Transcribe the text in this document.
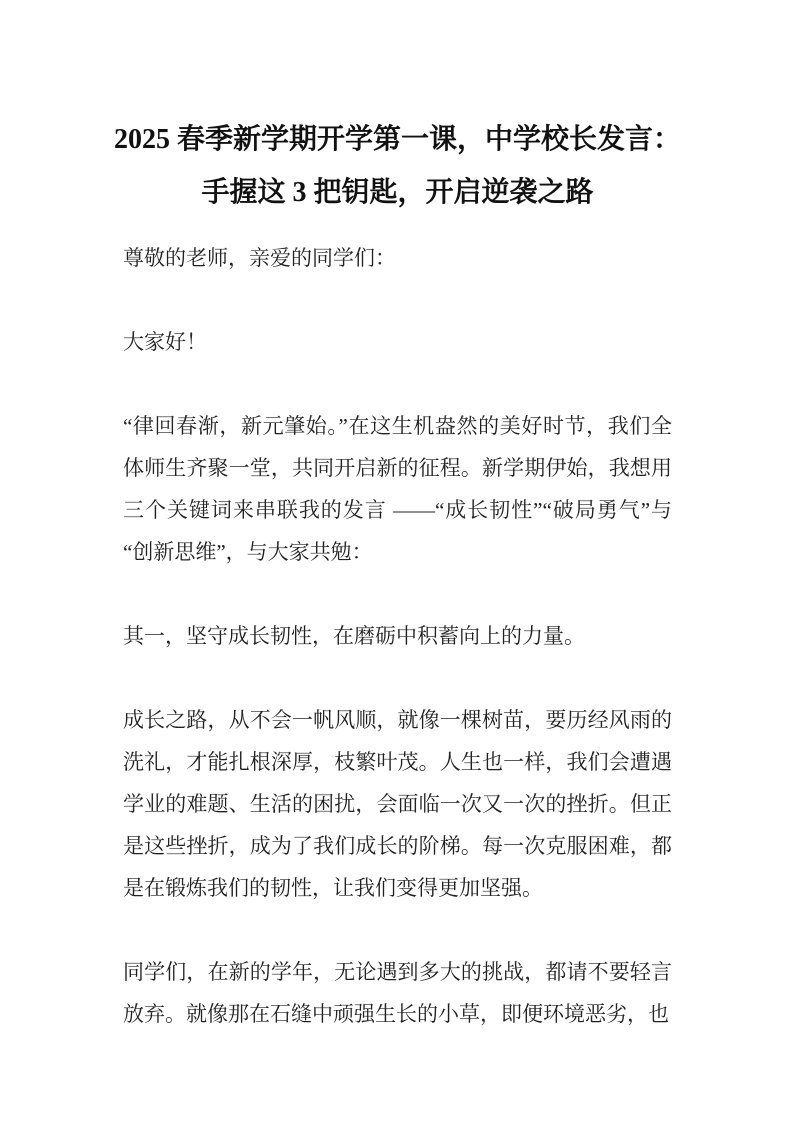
2025 春季新学期开学第一课，中学校长发言：
手握这 3 把钥匙，开启逆袭之路

尊敬的老师，亲爱的同学们：

大家好！

“律回春渐，新元肇始。”在这生机盎然的美好时节，我们全体师生齐聚一堂，共同开启新的征程。新学期伊始，我想用三个关键词来串联我的发言 ——“成长韧性”“破局勇气”与 “创新思维”，与大家共勉：

其一，坚守成长韧性，在磨砺中积蓄向上的力量。

成长之路，从不会一帆风顺，就像一棵树苗，要历经风雨的洗礼，才能扎根深厚，枝繁叶茂。人生也一样，我们会遭遇学业的难题、生活的困扰，会面临一次又一次的挫折。但正是这些挫折，成为了我们成长的阶梯。每一次克服困难，都是在锻炼我们的韧性，让我们变得更加坚强。

同学们，在新的学年，无论遇到多大的挑战，都请不要轻言放弃。就像那在石缝中顽强生长的小草，即便环境恶劣，也
